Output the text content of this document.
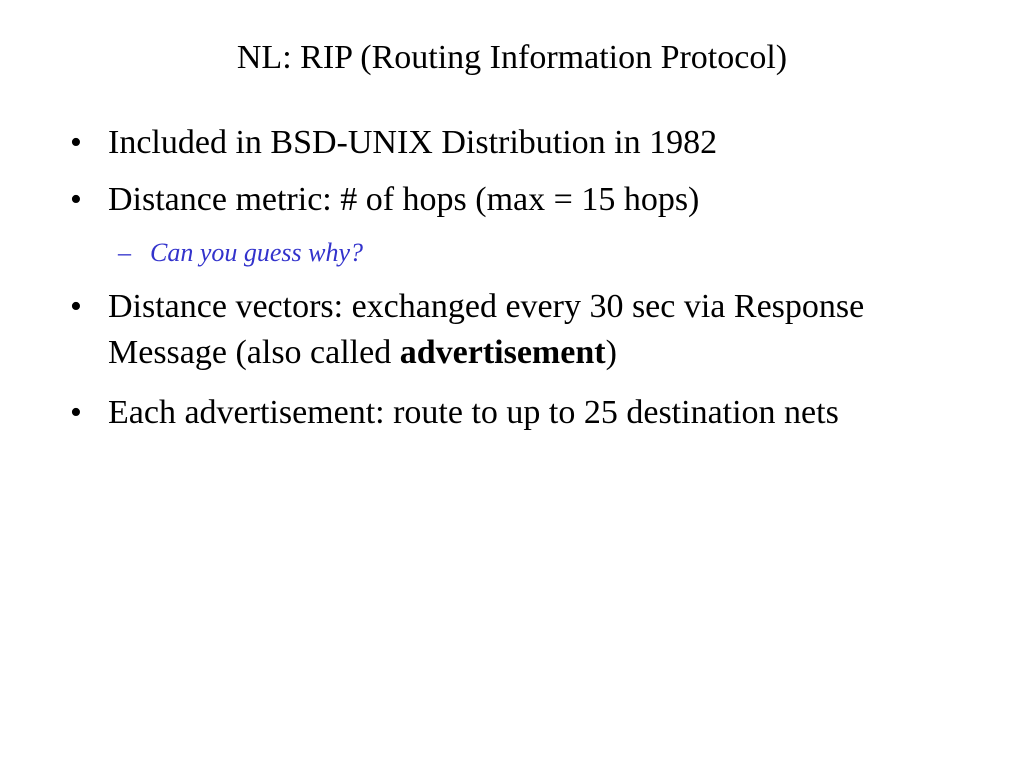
NL: RIP (Routing Information Protocol)
• Included in BSD-UNIX Distribution in 1982
• Distance metric: # of hops (max = 15 hops)
– Can you guess why?
• Distance vectors: exchanged every 30 sec via Response Message (also called advertisement)
• Each advertisement: route to up to 25 destination nets
